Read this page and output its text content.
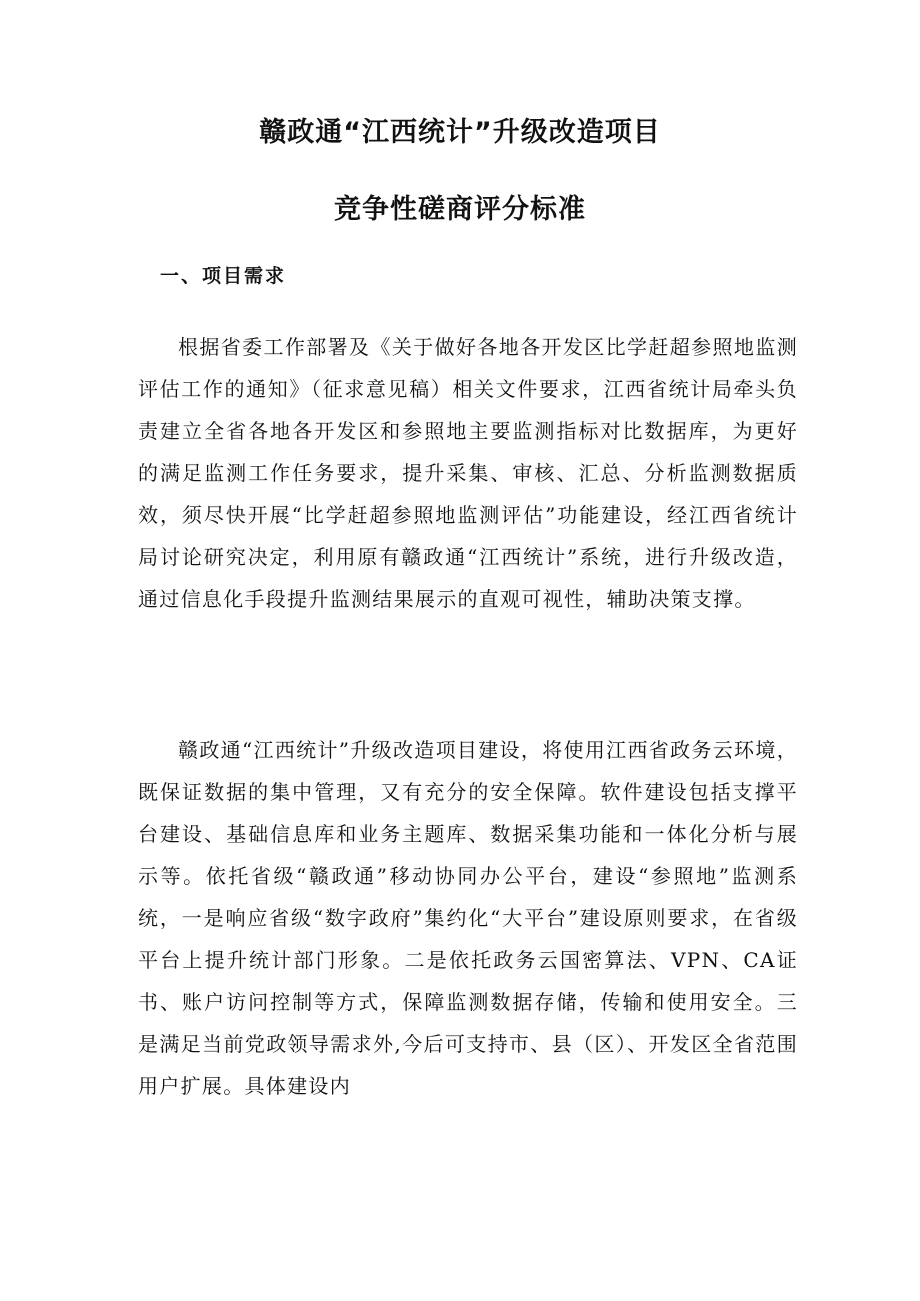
赣政通“江西统计”升级改造项目
竞争性磋商评分标准
一、项目需求

根据省委工作部署及《关于做好各地各开发区比学赶超参照地监测评估工作的通知》（征求意见稿）相关文件要求，江西省统计局牵头负责建立全省各地各开发区和参照地主要监测指标对比数据库，为更好的满足监测工作任务要求，提升采集、审核、汇总、分析监测数据质效，须尽快开展“比学赶超参照地监测评估”功能建设，经江西省统计局讨论研究决定，利用原有赣政通“江西统计”系统，进行升级改造，通过信息化手段提升监测结果展示的直观可视性，辅助决策支撑。

赣政通“江西统计”升级改造项目建设，将使用江西省政务云环境，既保证数据的集中管理，又有充分的安全保障。软件建设包括支撑平台建设、基础信息库和业务主题库、数据采集功能和一体化分析与展示等。依托省级“赣政通”移动协同办公平台，建设“参照地”监测系统，一是响应省级“数字政府”集约化“大平台”建设原则要求，在省级平台上提升统计部门形象。二是依托政务云国密算法、VPN、CA证书、账户访问控制等方式，保障监测数据存储，传输和使用安全。三是满足当前党政领导需求外,今后可支持市、县（区）、开发区全省范围用户扩展。具体建设内
